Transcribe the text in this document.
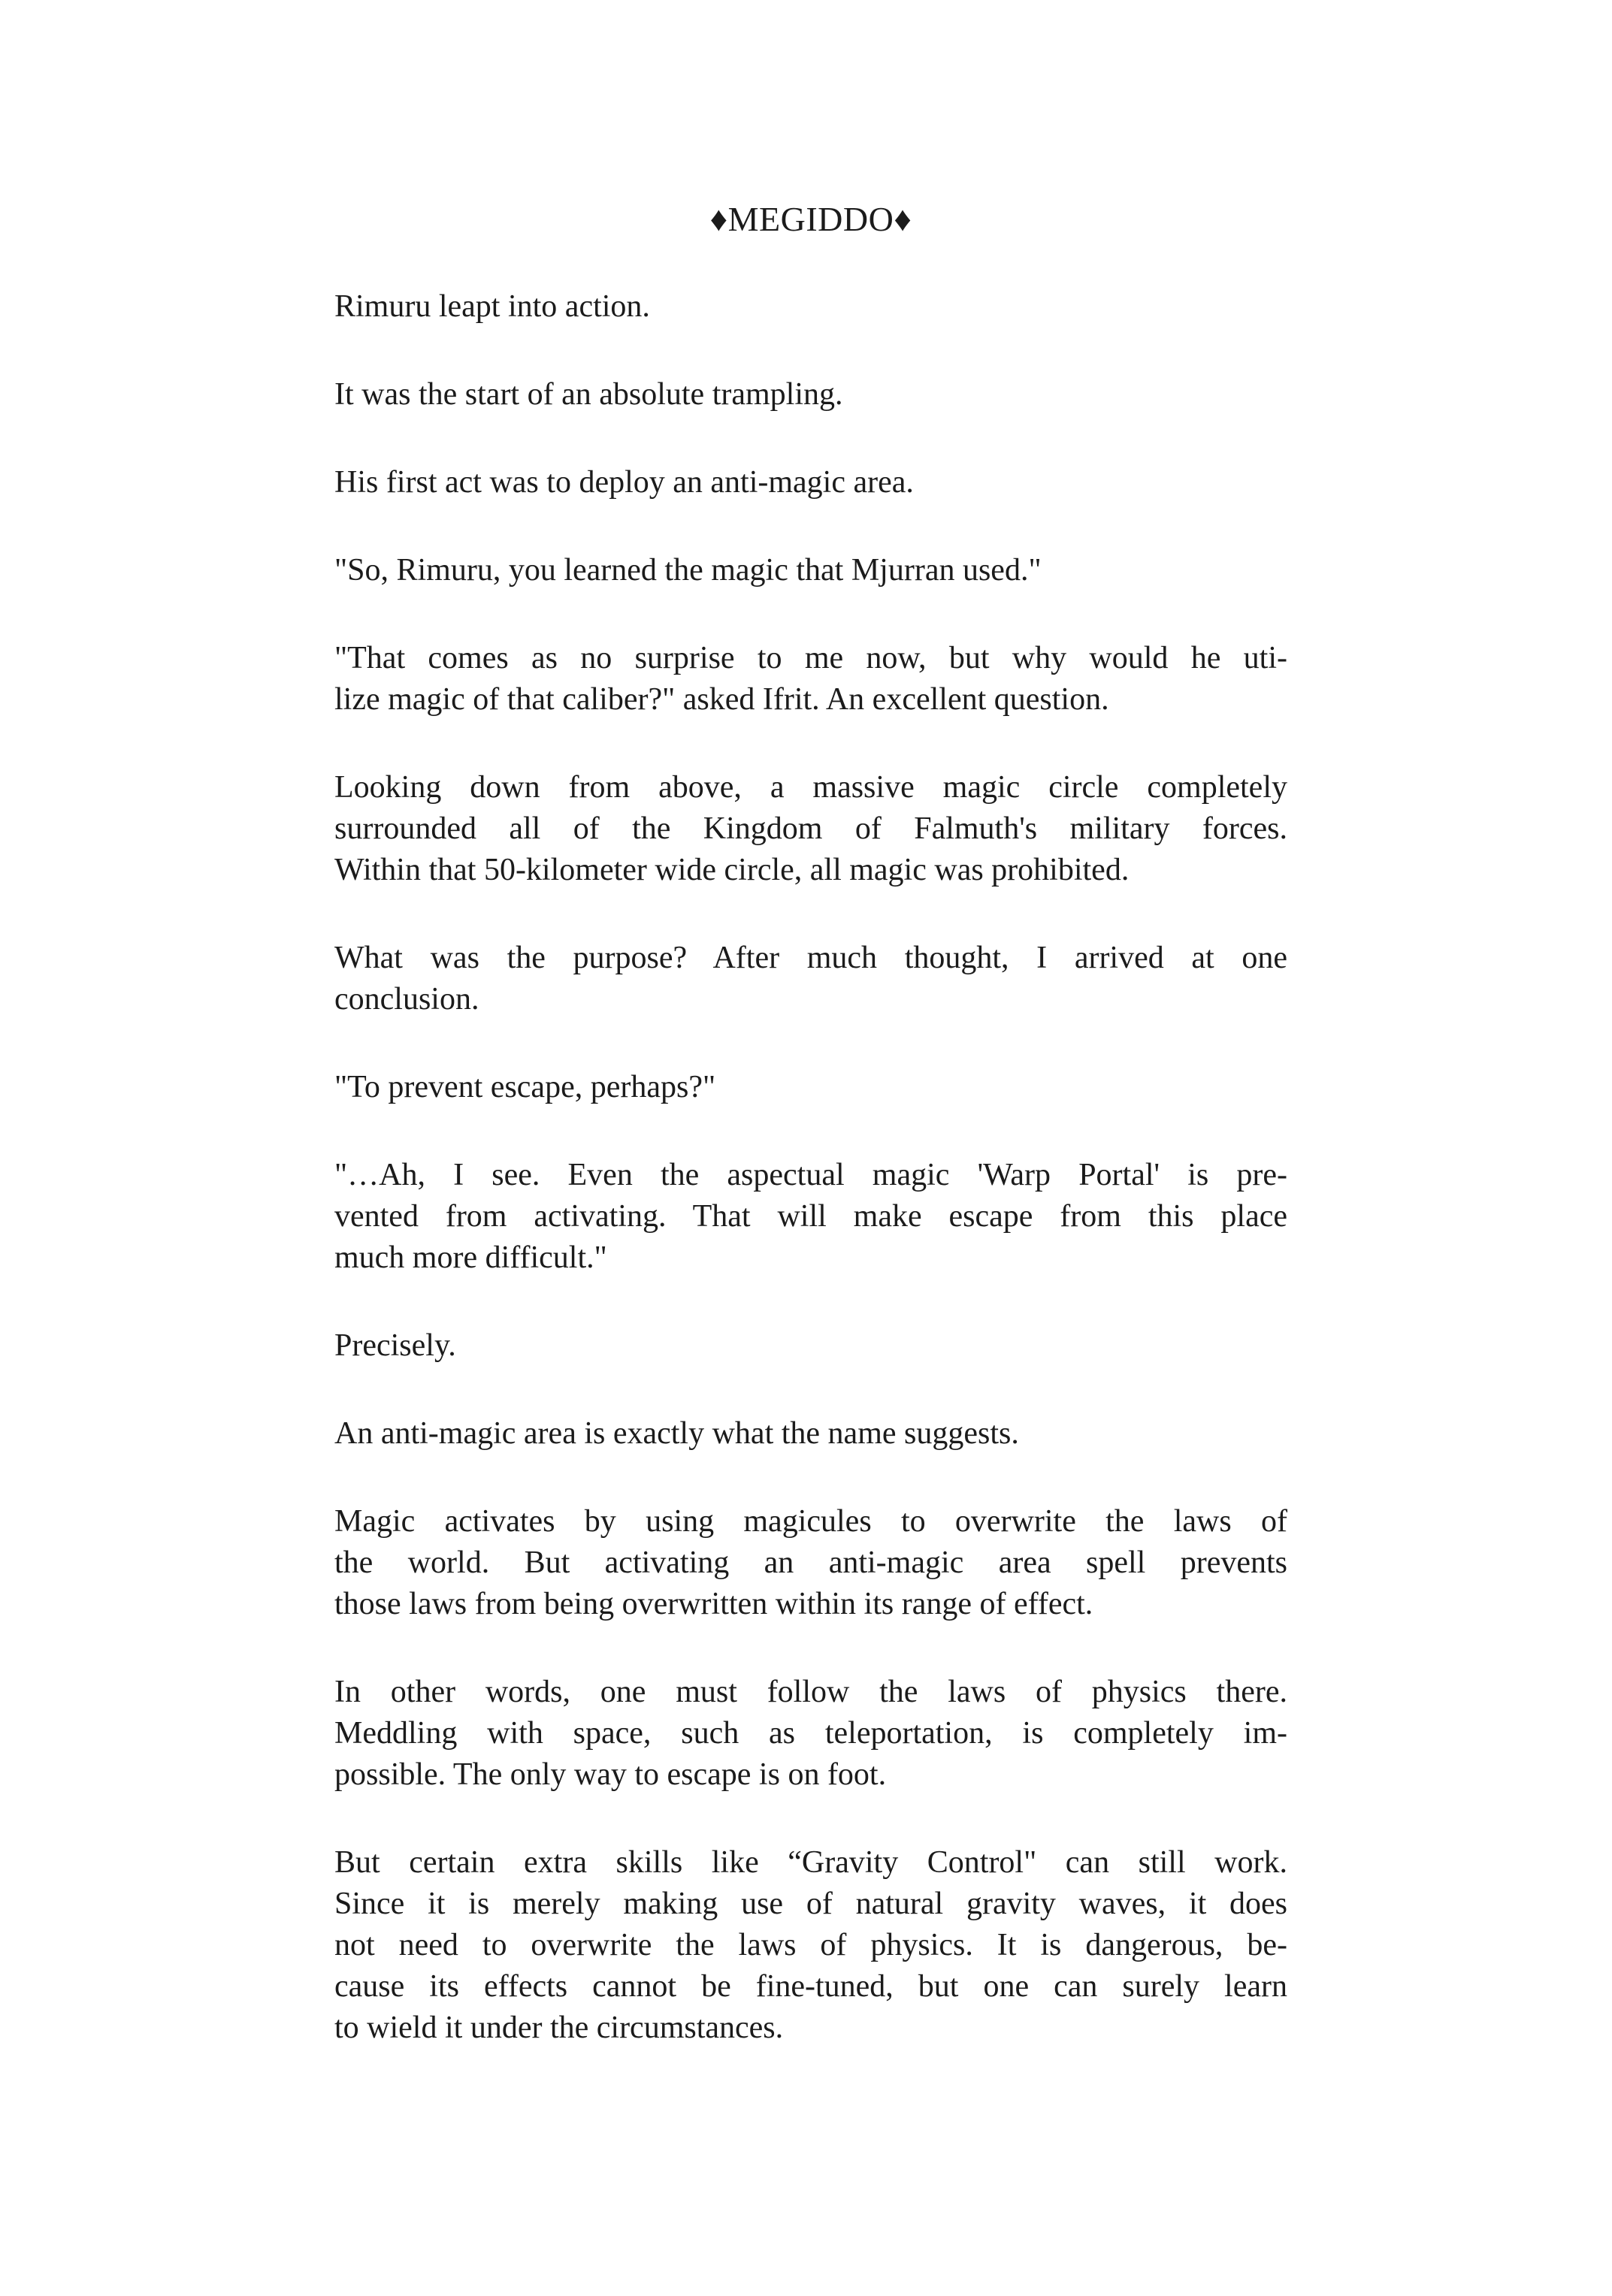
♦MEGIDDO♦

Rimuru leapt into action.

It was the start of an absolute trampling.

His first act was to deploy an anti-magic area.

"So, Rimuru, you learned the magic that Mjurran used."

"That comes as no surprise to me now, but why would he uti-
lize magic of that caliber?" asked Ifrit. An excellent question.

Looking down from above, a massive magic circle completely
surrounded all of the Kingdom of Falmuth's military forces.
Within that 50-kilometer wide circle, all magic was prohibited.

What was the purpose? After much thought, I arrived at one
conclusion.

"To prevent escape, perhaps?"

"…Ah, I see. Even the aspectual magic 'Warp Portal' is pre-
vented from activating. That will make escape from this place
much more difficult."

Precisely.

An anti-magic area is exactly what the name suggests.

Magic activates by using magicules to overwrite the laws of
the world. But activating an anti-magic area spell prevents
those laws from being overwritten within its range of effect.

In other words, one must follow the laws of physics there.
Meddling with space, such as teleportation, is completely im-
possible. The only way to escape is on foot.

But certain extra skills like “Gravity Control" can still work.
Since it is merely making use of natural gravity waves, it does
not need to overwrite the laws of physics. It is dangerous, be-
cause its effects cannot be fine-tuned, but one can surely learn
to wield it under the circumstances.
